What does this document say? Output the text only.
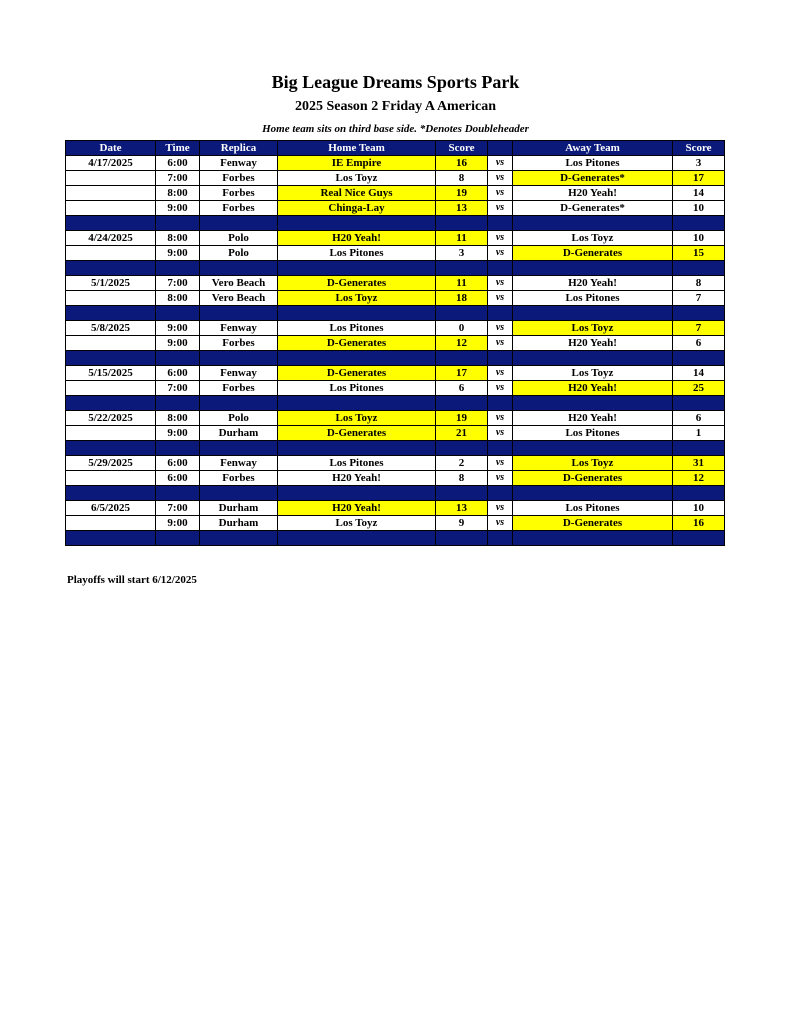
Big League Dreams Sports Park
2025 Season 2 Friday A American
Home team sits on third base side. *Denotes Doubleheader
Date	Time	Replica	Home Team	Score		Away Team	Score
4/17/2025	6:00	Fenway	IE Empire	16	vs	Los Pitones	3
	7:00	Forbes	Los Toyz	8	vs	D-Generates*	17
	8:00	Forbes	Real Nice Guys	19	vs	H20 Yeah!	14
	9:00	Forbes	Chinga-Lay	13	vs	D-Generates*	10

4/24/2025	8:00	Polo	H20 Yeah!	11	vs	Los Toyz	10
	9:00	Polo	Los Pitones	3	vs	D-Generates	15

5/1/2025	7:00	Vero Beach	D-Generates	11	vs	H20 Yeah!	8
	8:00	Vero Beach	Los Toyz	18	vs	Los Pitones	7

5/8/2025	9:00	Fenway	Los Pitones	0	vs	Los Toyz	7
	9:00	Forbes	D-Generates	12	vs	H20 Yeah!	6

5/15/2025	6:00	Fenway	D-Generates	17	vs	Los Toyz	14
	7:00	Forbes	Los Pitones	6	vs	H20 Yeah!	25

5/22/2025	8:00	Polo	Los Toyz	19	vs	H20 Yeah!	6
	9:00	Durham	D-Generates	21	vs	Los Pitones	1

5/29/2025	6:00	Fenway	Los Pitones	2	vs	Los Toyz	31
	6:00	Forbes	H20 Yeah!	8	vs	D-Generates	12

6/5/2025	7:00	Durham	H20 Yeah!	13	vs	Los Pitones	10
	9:00	Durham	Los Toyz	9	vs	D-Generates	16

Playoffs will start 6/12/2025
